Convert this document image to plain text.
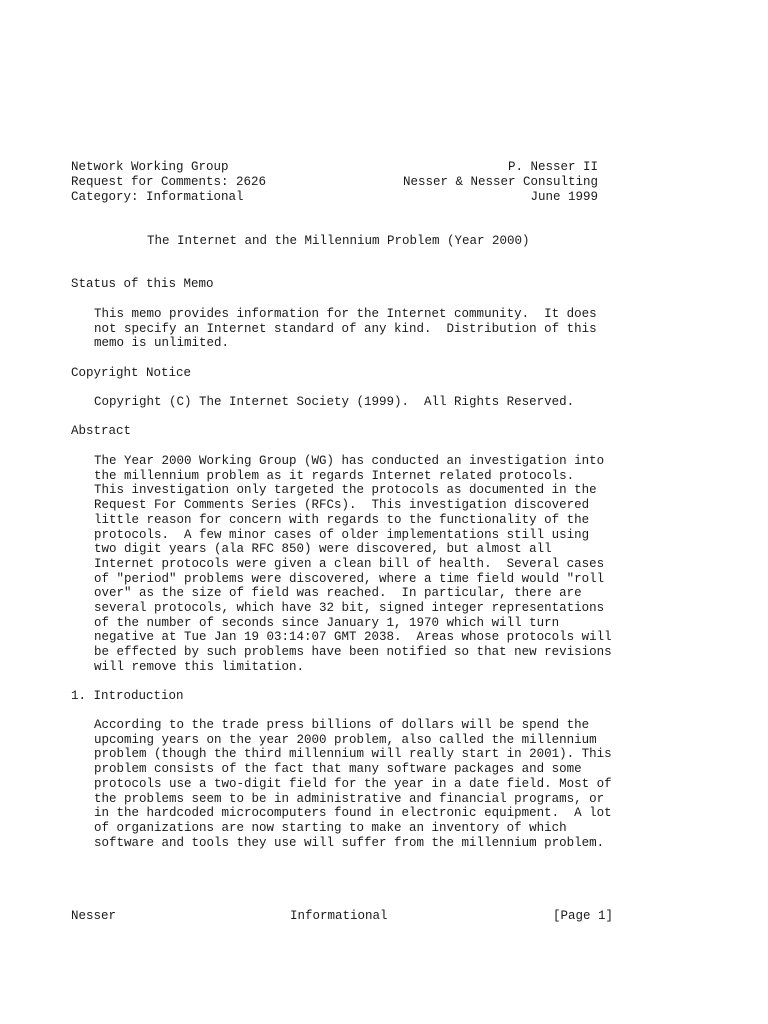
Network Working Group
Request for Comments: 2626
Category: Informational
P. Nesser II
Nesser & Nesser Consulting
June 1999
The Internet and the Millennium Problem (Year 2000)
Status of this Memo
This memo provides information for the Internet community.  It does
not specify an Internet standard of any kind.  Distribution of this
memo is unlimited.
Copyright Notice
Copyright (C) The Internet Society (1999).  All Rights Reserved.
Abstract
The Year 2000 Working Group (WG) has conducted an investigation into
the millennium problem as it regards Internet related protocols.
This investigation only targeted the protocols as documented in the
Request For Comments Series (RFCs).  This investigation discovered
little reason for concern with regards to the functionality of the
protocols.  A few minor cases of older implementations still using
two digit years (ala RFC 850) were discovered, but almost all
Internet protocols were given a clean bill of health.  Several cases
of "period" problems were discovered, where a time field would "roll
over" as the size of field was reached.  In particular, there are
several protocols, which have 32 bit, signed integer representations
of the number of seconds since January 1, 1970 which will turn
negative at Tue Jan 19 03:14:07 GMT 2038.  Areas whose protocols will
be effected by such problems have been notified so that new revisions
will remove this limitation.
1. Introduction
According to the trade press billions of dollars will be spend the
upcoming years on the year 2000 problem, also called the millennium
problem (though the third millennium will really start in 2001). This
problem consists of the fact that many software packages and some
protocols use a two-digit field for the year in a date field. Most of
the problems seem to be in administrative and financial programs, or
in the hardcoded microcomputers found in electronic equipment.  A lot
of organizations are now starting to make an inventory of which
software and tools they use will suffer from the millennium problem.
Nesser	Informational	[Page 1]
